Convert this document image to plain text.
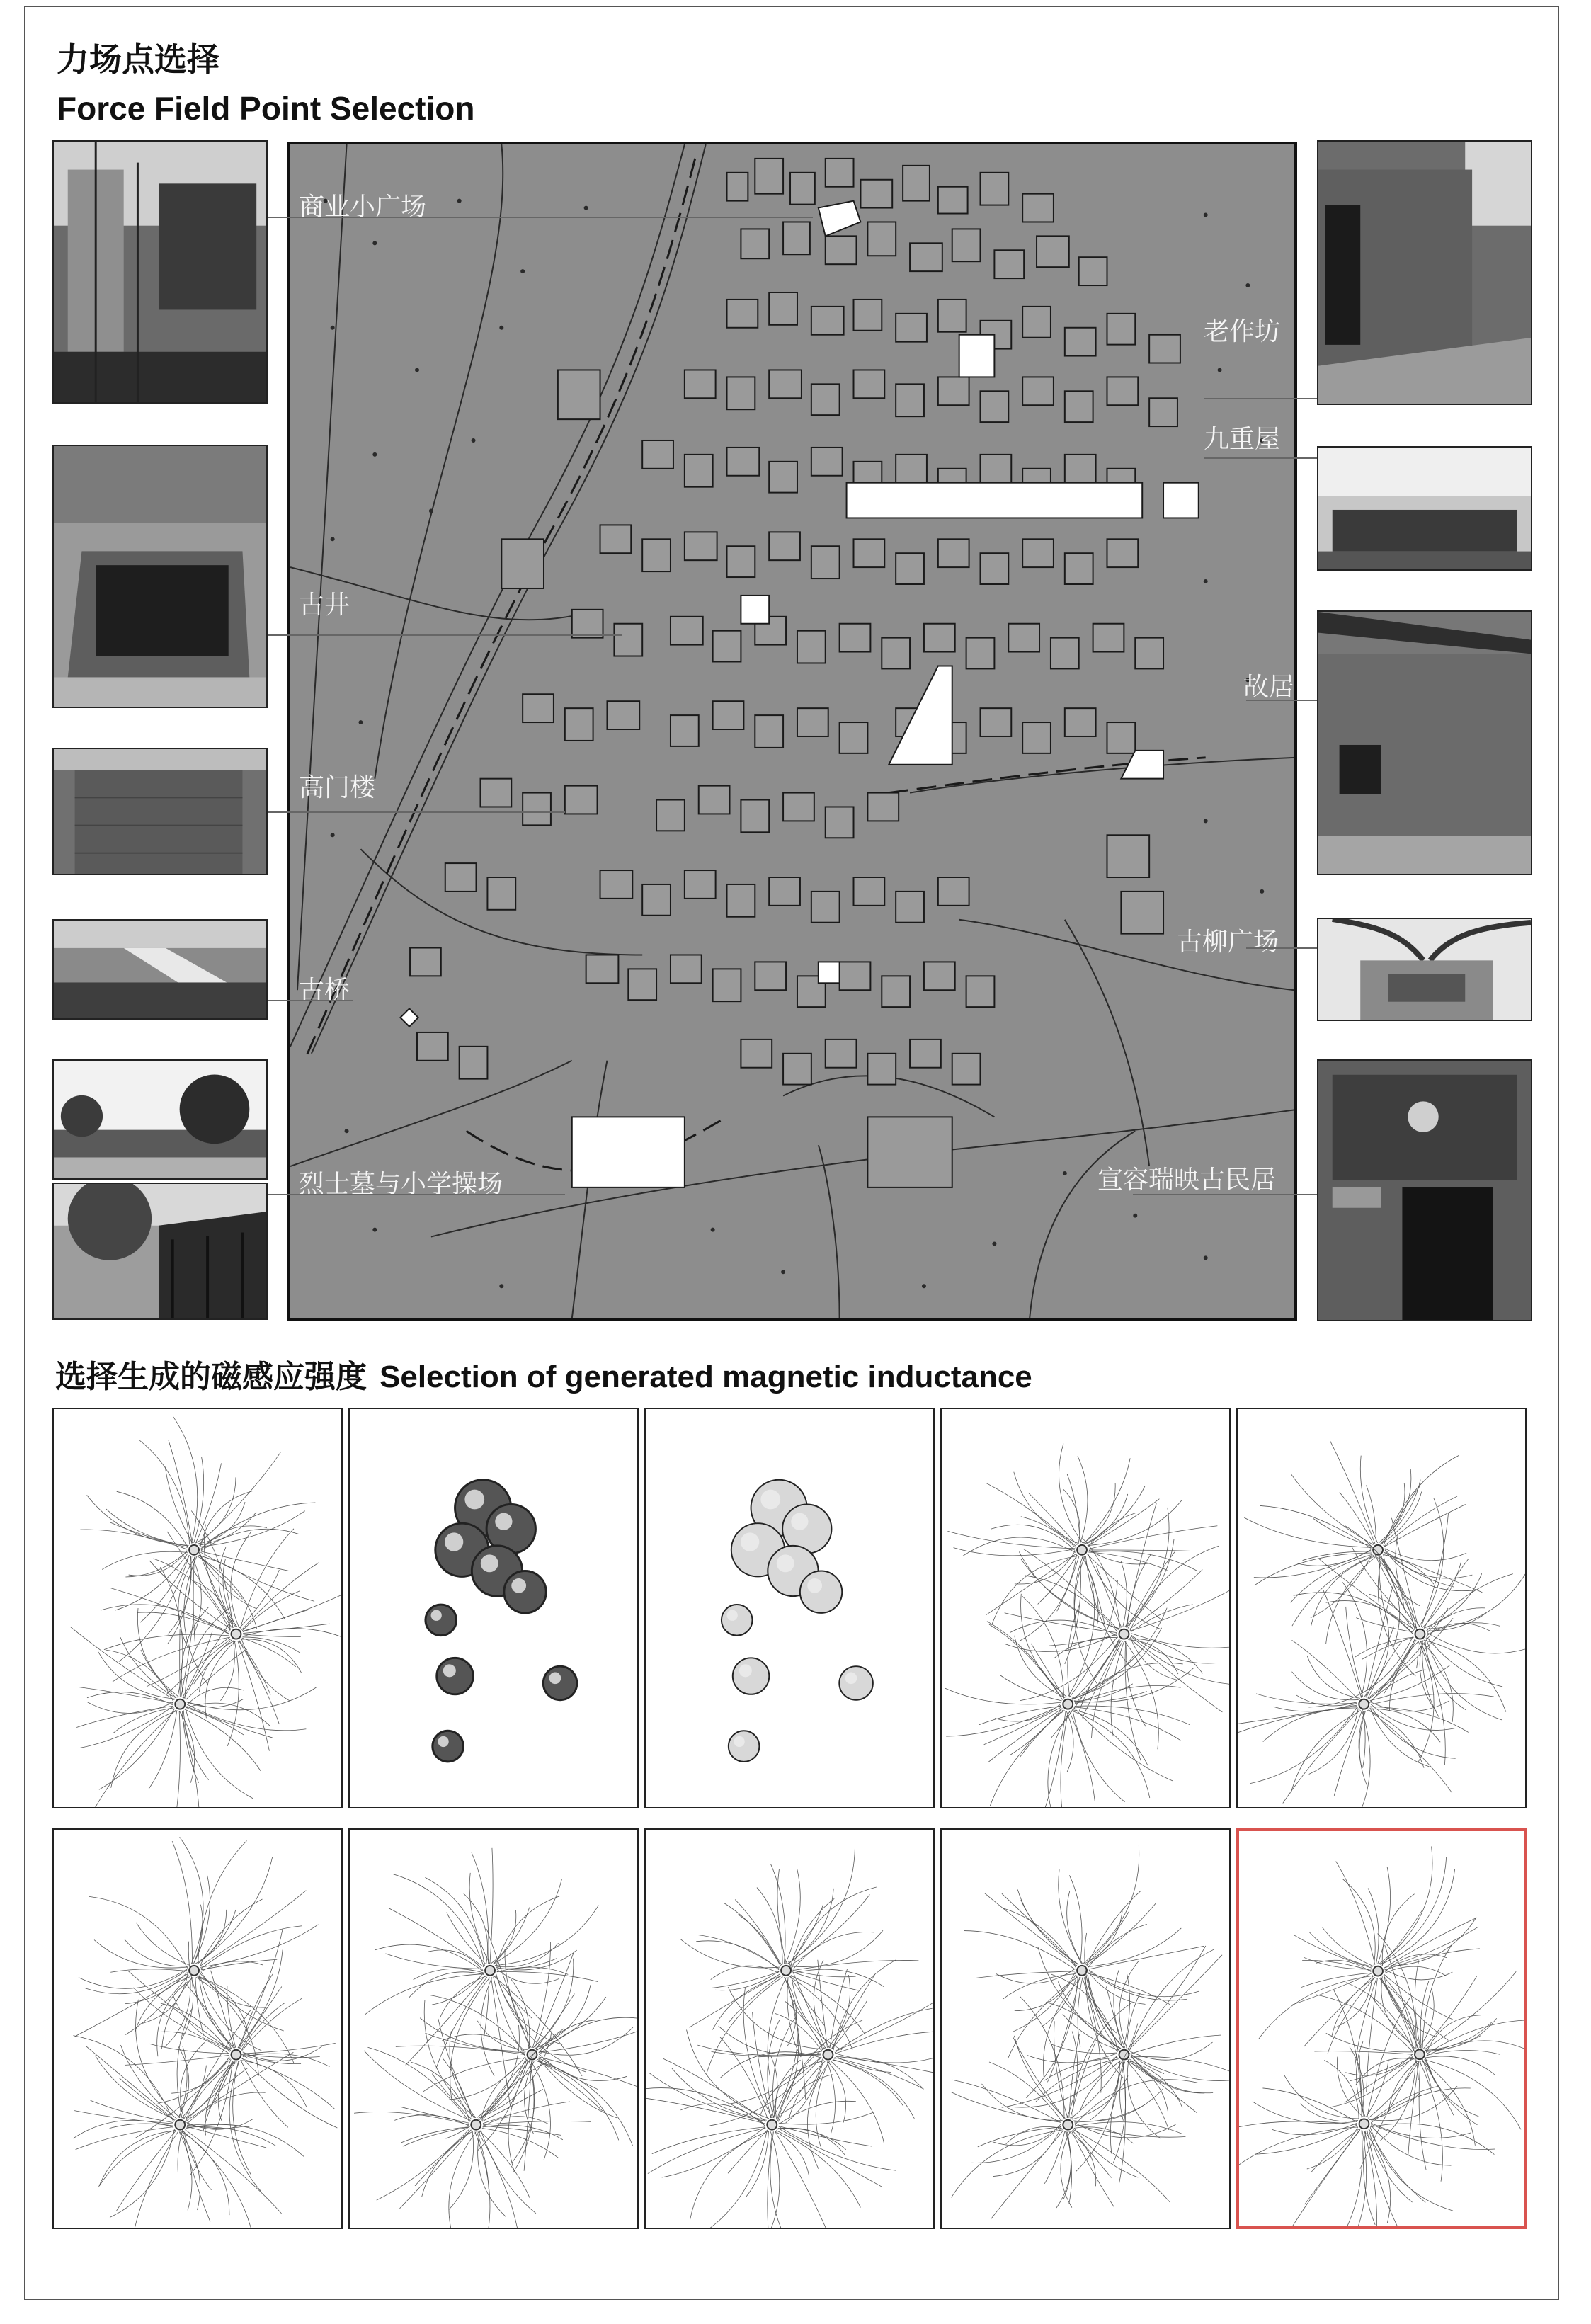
力场点选择
Force Field Point Selection
商业小广场
古井
高门楼
古桥
烈士墓与小学操场
老作坊
九重屋
故居
古柳广场
宣容瑞映古民居
选择生成的磁感应强度 Selection of generated magnetic inductance
